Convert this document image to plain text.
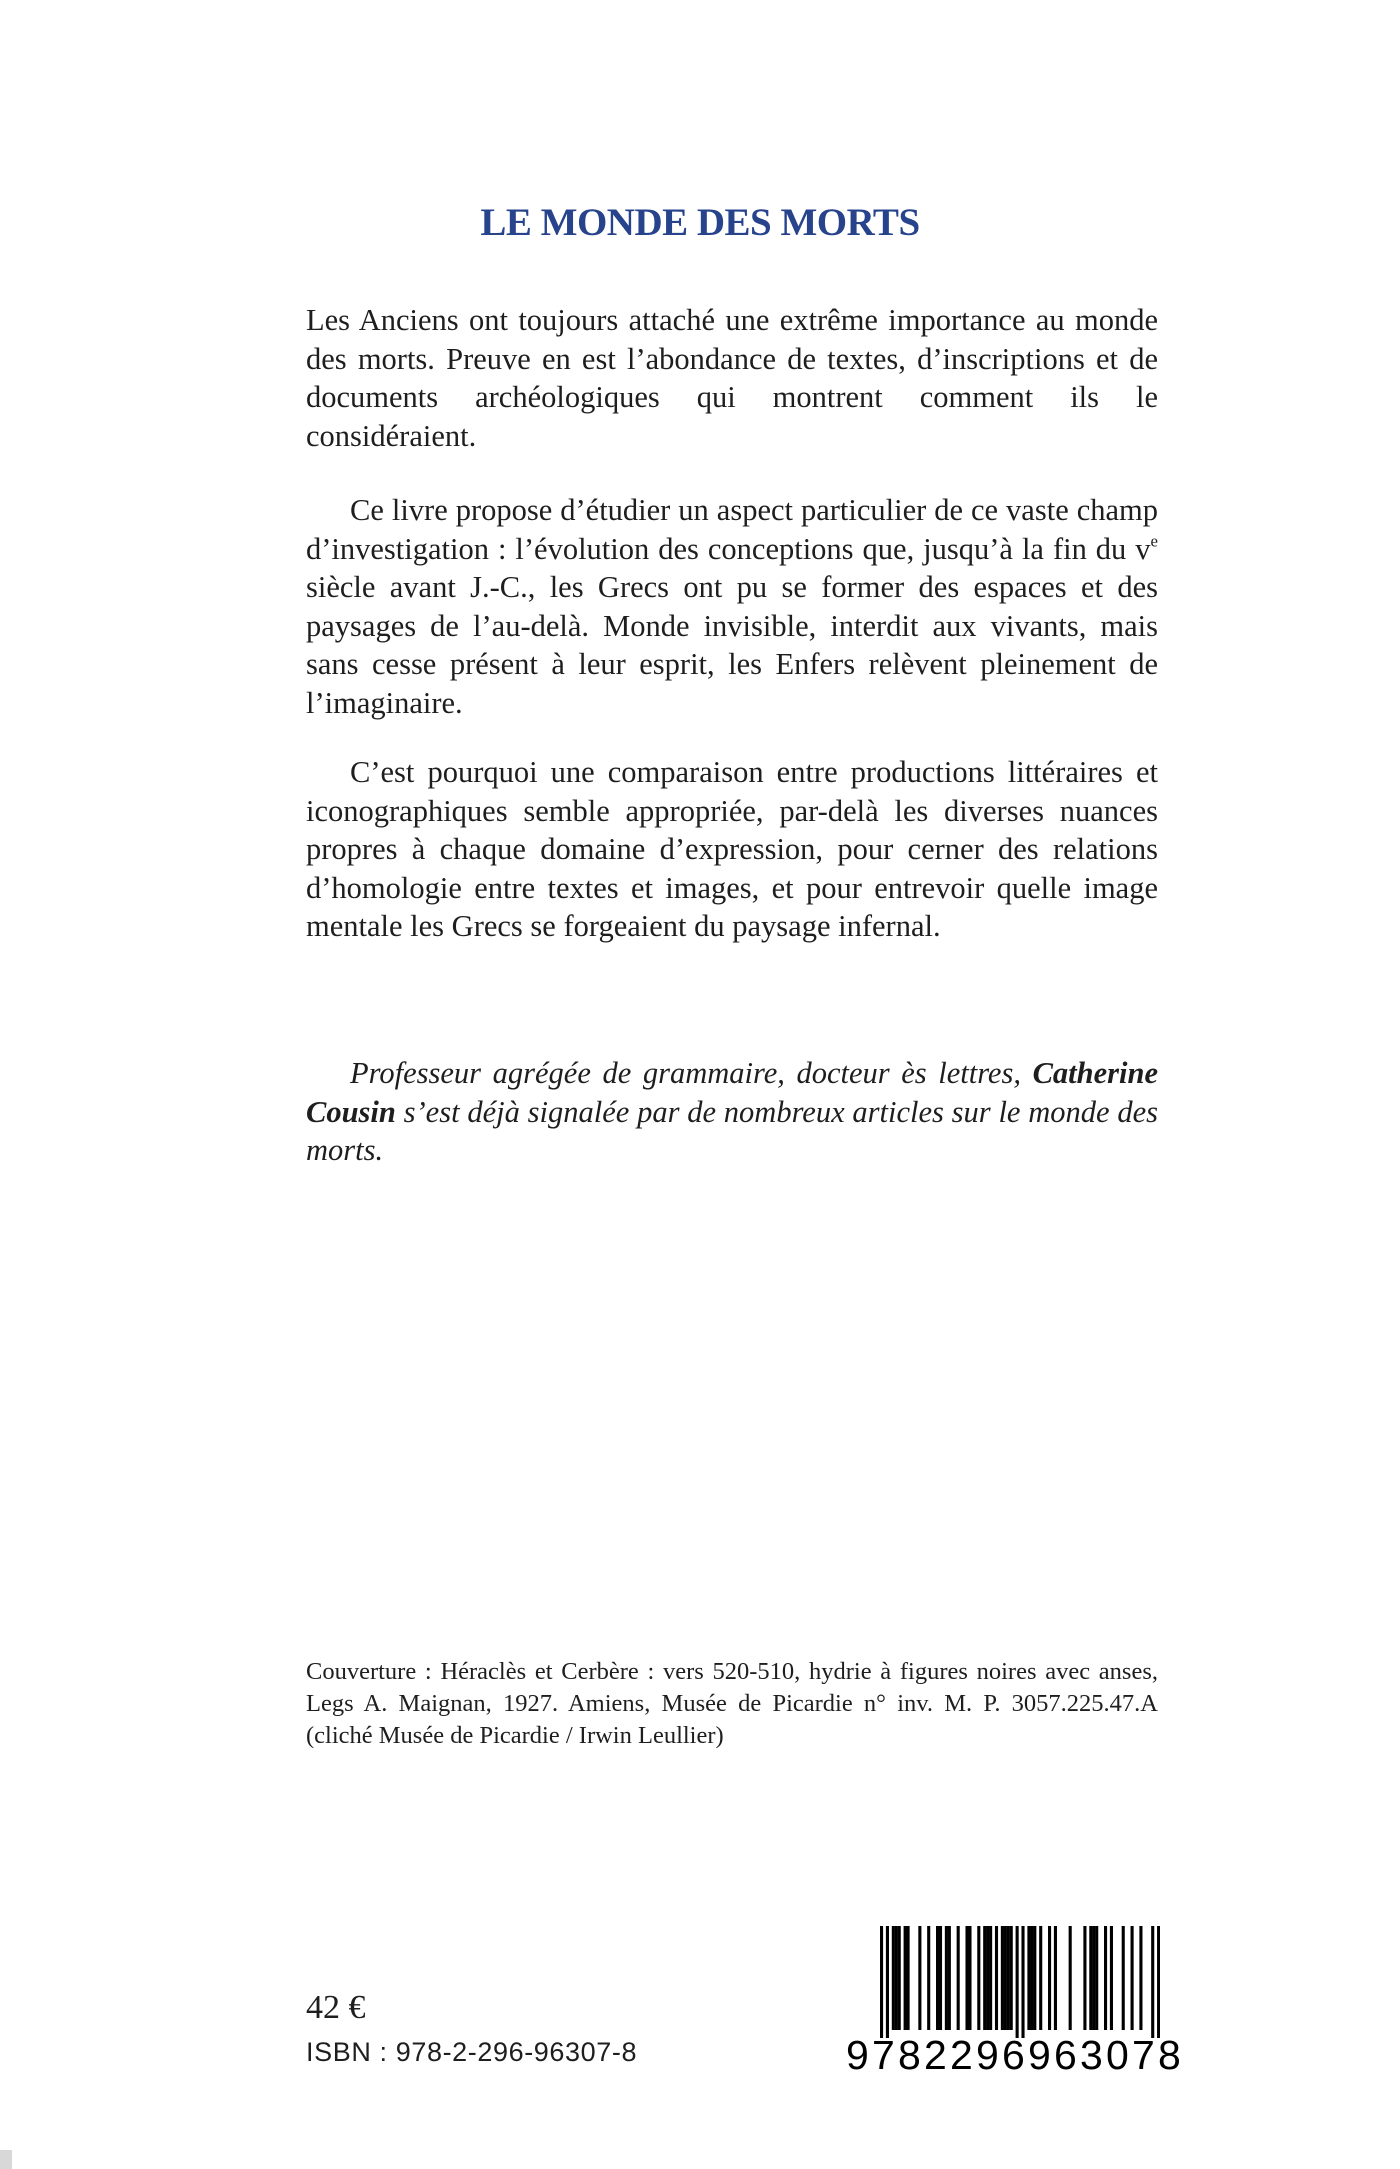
LE MONDE DES MORTS

Les Anciens ont toujours attaché une extrême importance au monde des morts. Preuve en est l’abondance de textes, d’inscriptions et de documents archéologiques qui montrent comment ils le considéraient.

Ce livre propose d’étudier un aspect particulier de ce vaste champ d’investigation : l’évolution des conceptions que, jusqu’à la fin du $v^e$ siècle avant J.-C., les Grecs ont pu se former des espaces et des paysages de l’au-delà. Monde invisible, interdit aux vivants, mais sans cesse présent à leur esprit, les Enfers relèvent pleinement de l’imaginaire.

C’est pourquoi une comparaison entre productions littéraires et iconographiques semble appropriée, par-delà les diverses nuances propres à chaque domaine d’expression, pour cerner des relations d’homologie entre textes et images, et pour entrevoir quelle image mentale les Grecs se forgeaient du paysage infernal.

Professeur agrégée de grammaire, docteur ès lettres, Catherine Cousin s’est déjà signalée par de nombreux articles sur le monde des morts.

Couverture : Héraclès et Cerbère : vers 520-510, hydrie à figures noires avec anses,
Legs A. Maignan, 1927. Amiens, Musée de Picardie n° inv. M. P. 3057.225.47.A
(cliché Musée de Picardie / Irwin Leullier)

42 €
ISBN : 978-2-296-96307-8	9782296963078
